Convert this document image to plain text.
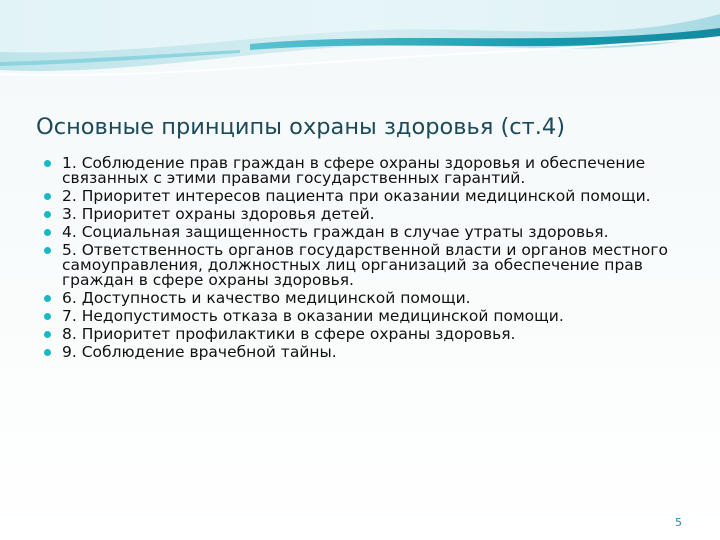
Основные принципы охраны здоровья (ст.4)
1. Соблюдение прав граждан в сфере охраны здоровья и обеспечение связанных с этими правами государственных гарантий.
2. Приоритет интересов пациента при оказании медицинской помощи.
3. Приоритет охраны здоровья детей.
4. Социальная защищенность граждан в случае утраты здоровья.
5. Ответственность органов государственной власти и органов местного самоуправления, должностных лиц организаций за обеспечение прав граждан в сфере охраны здоровья.
6. Доступность и качество медицинской помощи.
7. Недопустимость отказа в оказании медицинской помощи.
8. Приоритет профилактики в сфере охраны здоровья.
9. Соблюдение врачебной тайны.
5
